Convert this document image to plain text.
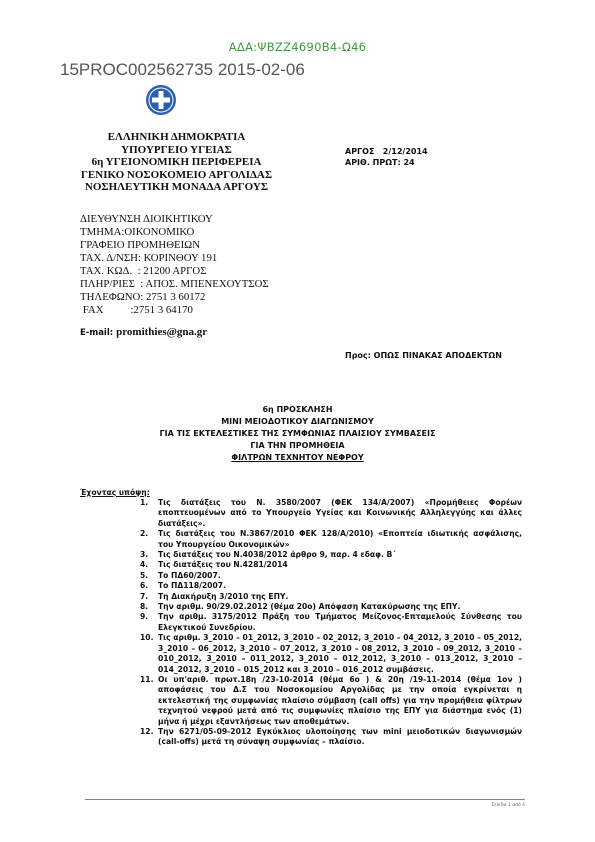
ΑΔΑ:ΨΒΖΖ4690Β4-Ω46
15PROC002562735 2015-02-06
ΕΛΛΗΝΙΚΗ ΔΗΜΟΚΡΑΤΙΑ
ΥΠΟΥΡΓΕΙΟ ΥΓΕΙΑΣ
6η ΥΓΕΙΟΝΟΜΙΚΗ ΠΕΡΙΦΕΡΕΙΑ
ΓΕΝΙΚΟ ΝΟΣΟΚΟΜΕΙΟ ΑΡΓΟΛΙΔΑΣ
ΝΟΣΗΛΕΥΤΙΚΗ ΜΟΝΑΔΑ ΑΡΓΟΥΣ
ΑΡΓΟΣ   2/12/2014
ΑΡΙΘ. ΠΡΩΤ: 24
ΔΙΕΥΘΥΝΣΗ ΔΙΟΙΚΗΤΙΚΟΥ
ΤΜΗΜΑ:ΟΙΚΟΝΟΜΙΚΟ
ΓΡΑΦΕΙΟ ΠΡΟΜΗΘΕΙΩΝ
ΤΑΧ. Δ/ΝΣΗ: ΚΟΡΙΝΘΟΥ 191
ΤΑΧ. ΚΩΔ.  : 21200 ΑΡΓΟΣ
ΠΛΗΡ/ΡΙΕΣ  : ΑΠΟΣ. ΜΠΕΝΕΧΟΥΤΣΟΣ
ΤΗΛΕΦΩΝΟ: 2751 3 60172
FAX          :2751 3 64170
E-mail: promithies@gna.gr
Προς: ΟΠΩΣ ΠΙΝΑΚΑΣ ΑΠΟΔΕΚΤΩΝ
6η ΠΡΟΣΚΛΗΣΗ
ΜΙΝΙ ΜΕΙΟΔΟΤΙΚΟΥ ΔΙΑΓΩΝΙΣΜΟΥ
ΓΙΑ ΤΙΣ ΕΚΤΕΛΕΣΤΙΚΕΣ ΤΗΣ ΣΥΜΦΩΝΙΑΣ ΠΛΑΙΣΙΟΥ ΣΥΜΒΑΣΕΙΣ
ΓΙΑ ΤΗΝ ΠΡΟΜΗΘΕΙΑ
ΦΙΛΤΡΩΝ ΤΕΧΝΗΤΟΥ ΝΕΦΡΟΥ
Έχοντας υπόψη:
1.	Τις διατάξεις του Ν. 3580/2007 (ΦΕΚ 134/Α/2007) «Προμήθειες Φορέων εποπτευομένων από το Υπουργείο Υγείας και Κοινωνικής Αλληλεγγύης και άλλες διατάξεις».
2.	Τις διατάξεις του Ν.3867/2010 ΦΕΚ 128/Α/2010) «Εποπτεία ιδιωτικής ασφάλισης, του Υπουργείου Οικονομικών»
3.	Τις διατάξεις του Ν.4038/2012 άρθρο 9, παρ. 4 εδαφ. Β΄
4.	Τις διατάξεις του Ν.4281/2014
5.	Το ΠΔ60/2007.
6.	Το ΠΔ118/2007.
7.	Τη Διακήρυξη 3/2010 της ΕΠΥ.
8.	Την αριθμ. 90/29.02.2012 (θέμα 20ο) Απόφαση Κατακύρωσης της ΕΠΥ.
9.	Την αριθμ. 3175/2012 Πράξη του Τμήματος Μείζονος-Επταμελούς Σύνθεσης του Ελεγκτικού Συνεδρίου.
10. Τις αριθμ. 3_2010 – 01_2012, 3_2010 – 02_2012, 3_2010 – 04_2012, 3_2010 – 05_2012, 3_2010 – 06_2012, 3_2010 – 07_2012, 3_2010 – 08_2012, 3_2010 – 09_2012, 3_2010 – 010_2012, 3_2010 – 011_2012, 3_2010 – 012_2012, 3_2010 – 013_2012, 3_2010 – 014_2012, 3_2010 – 015_2012 και 3_2010 – 016_2012 συμβάσεις.
11. Οι υπ'αριθ. πρωτ.18η /23-10-2014 (θέμα 6ο ) & 20η /19-11-2014 (θέμα 1ον ) αποφάσεις του Δ.Σ του Νοσοκομείου Αργολίδας με την οποία εγκρίνεται η εκτελεστική της συμφωνίας πλαίσιο σύμβαση (call offs) για την προμήθεια φίλτρων τεχνητού νεφρού μετά από τις συμφωνίες πλαίσιο της ΕΠΥ για διάστημα ενός (1) μήνα ή μέχρι εξαντλήσεως των αποθεμάτων.
12. Την 6271/05-09-2012 Εγκύκλιος υλοποίησης των mini μειοδοτικών διαγωνισμών (call-offs) μετά τη σύναψη συμφωνίας – πλαίσιο.
Σελίδα 1 από 4
